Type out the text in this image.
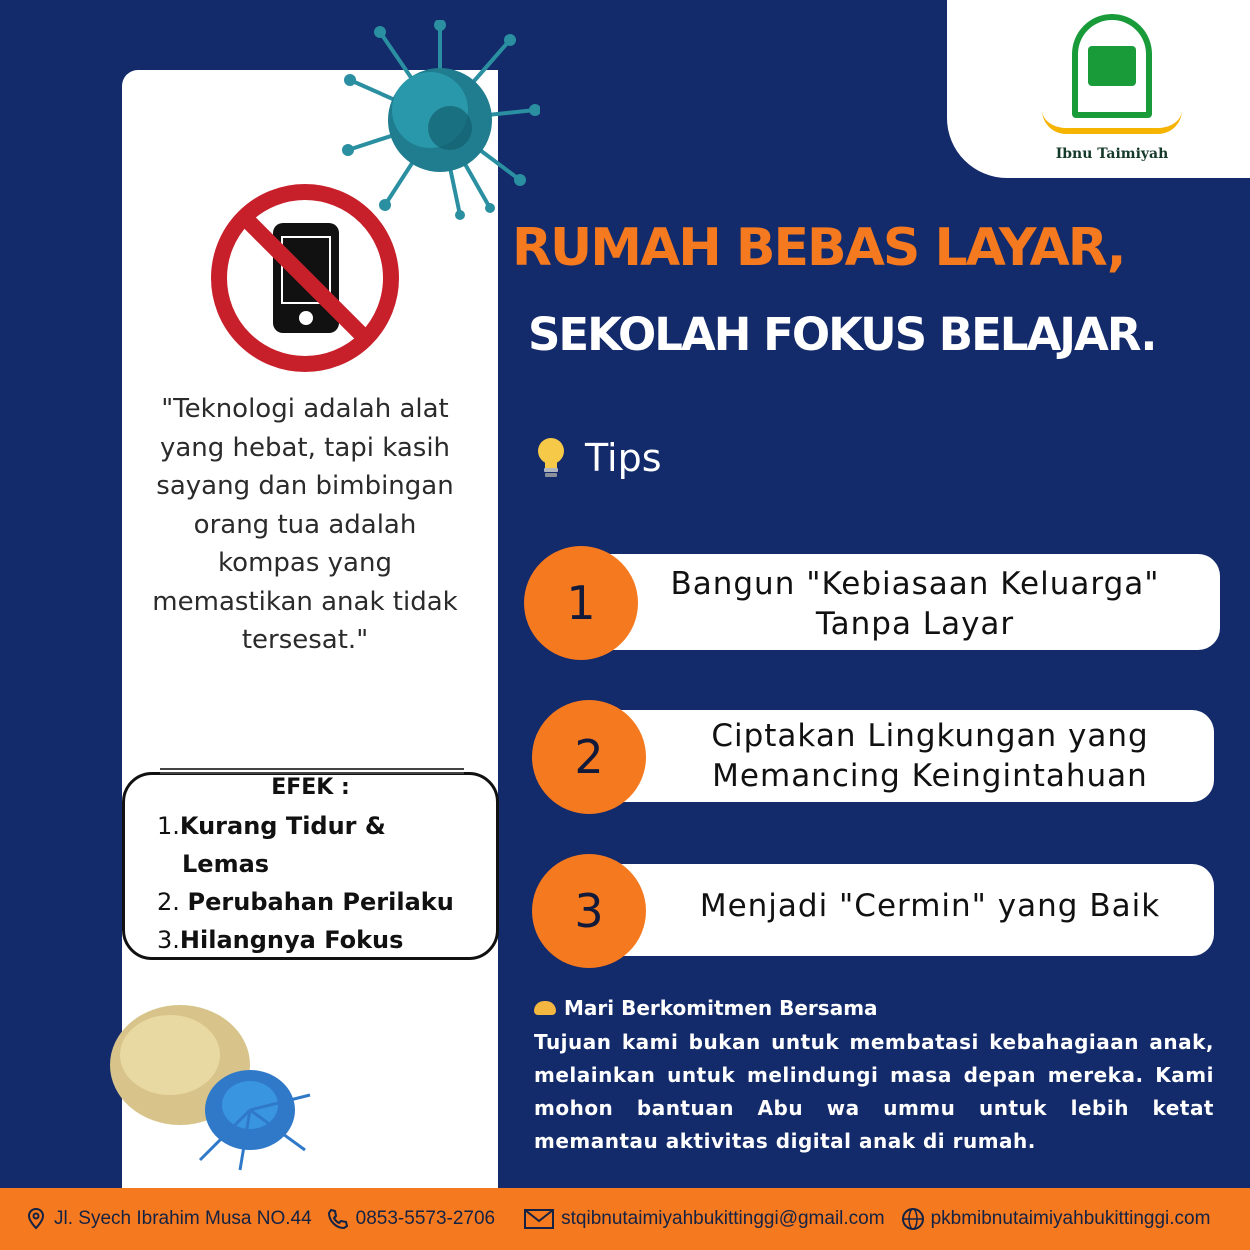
Ibnu Taimiyah
"Teknologi adalah alat yang hebat, tapi kasih sayang dan bimbingan orang tua adalah kompas yang memastikan anak tidak tersesat."
EFEK :
1.Kurang Tidur &
Lemas
2. Perubahan Perilaku
3.Hilangnya Fokus
RUMAH BEBAS LAYAR,
SEKOLAH FOKUS BELAJAR.
Tips
1	Bangun "Kebiasaan Keluarga"
Tanpa Layar
2	Ciptakan Lingkungan yang
Memancing Keingintahuan
3	Menjadi "Cermin" yang Baik
Mari Berkomitmen Bersama
Tujuan kami bukan untuk membatasi kebahagiaan anak, melainkan untuk melindungi masa depan mereka. Kami mohon bantuan Abu wa ummu untuk lebih ketat memantau aktivitas digital anak di rumah.
Jl. Syech Ibrahim Musa NO.44 0853-5573-2706	stqibnutaimiyahbukittinggi@gmail.com pkbmibnutaimiyahbukittinggi.com
